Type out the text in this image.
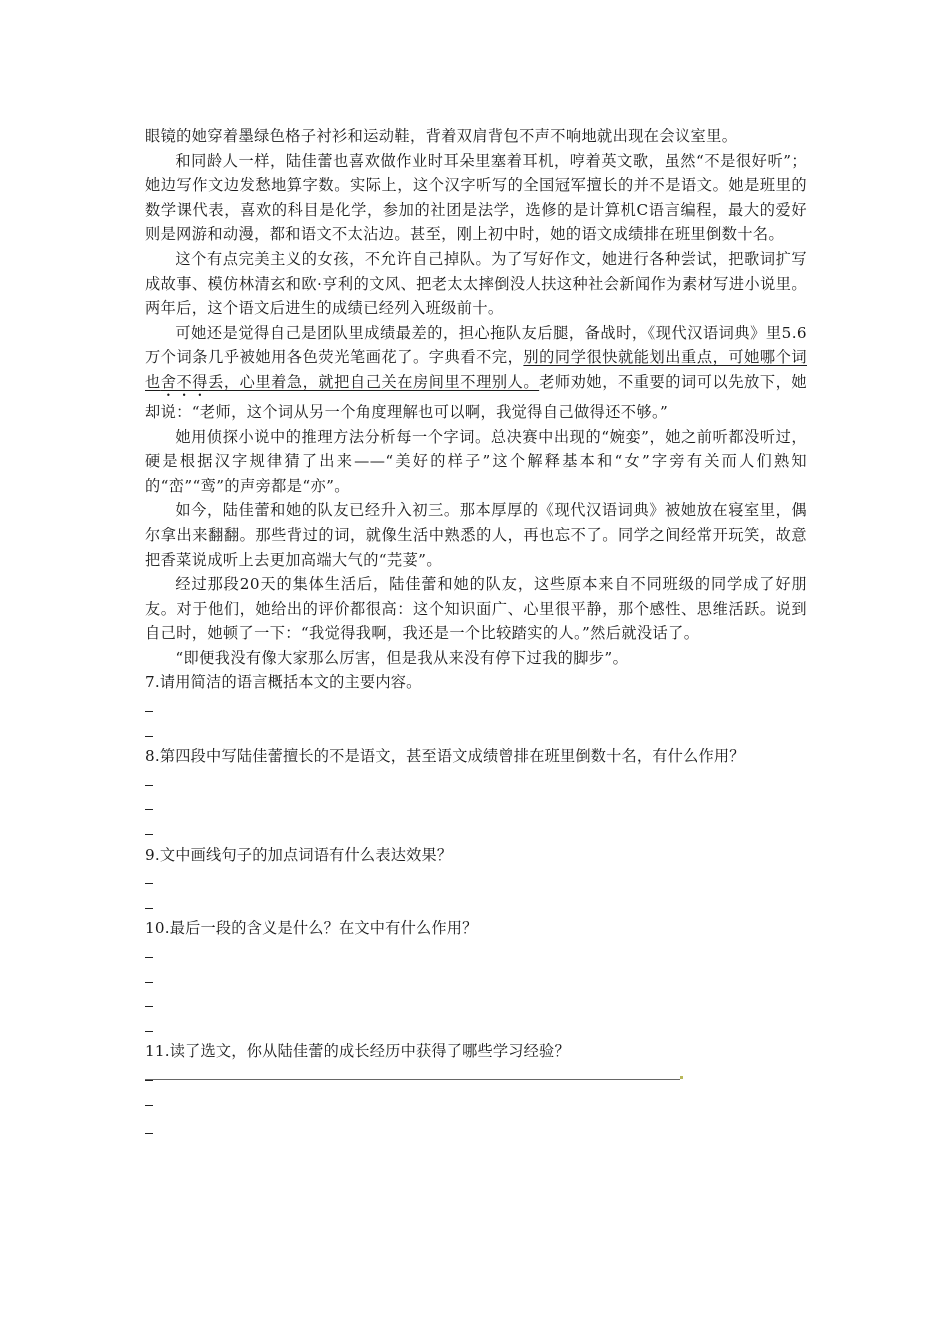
眼镜的她穿着墨绿色格子衬衫和运动鞋，背着双肩背包不声不响地就出现在会议室里。

和同龄人一样，陆佳蕾也喜欢做作业时耳朵里塞着耳机，哼着英文歌，虽然“不是很好听”；她边写作文边发愁地算字数。实际上，这个汉字听写的全国冠军擅长的并不是语文。她是班里的数学课代表，喜欢的科目是化学，参加的社团是法学，选修的是计算机C语言编程，最大的爱好则是网游和动漫，都和语文不太沾边。甚至，刚上初中时，她的语文成绩排在班里倒数十名。

这个有点完美主义的女孩，不允许自己掉队。为了写好作文，她进行各种尝试，把歌词扩写成故事、模仿林清玄和欧·亨利的文风、把老太太摔倒没人扶这种社会新闻作为素材写进小说里。两年后，这个语文后进生的成绩已经列入班级前十。

可她还是觉得自己是团队里成绩最差的，担心拖队友后腿，备战时，《现代汉语词典》里5.6万个词条几乎被她用各色荧光笔画花了。字典看不完，别的同学很快就能划出重点，可她哪个词也舍不得丢，心里着急，就把自己关在房间里不理别人。老师劝她，不重要的词可以先放下，她却说：“老师，这个词从另一个角度理解也可以啊，我觉得自己做得还不够。”

她用侦探小说中的推理方法分析每一个字词。总决赛中出现的“婉娈”，她之前听都没听过，硬是根据汉字规律猜了出来——“美好的样子”这个解释基本和“女”字旁有关而人们熟知的“峦”“鸾”的声旁都是“亦”。

如今，陆佳蕾和她的队友已经升入初三。那本厚厚的《现代汉语词典》被她放在寝室里，偶尔拿出来翻翻。那些背过的词，就像生活中熟悉的人，再也忘不了。同学之间经常开玩笑，故意把香菜说成听上去更加高端大气的“芫荽”。

经过那段20天的集体生活后，陆佳蕾和她的队友，这些原本来自不同班级的同学成了好朋友。对于他们，她给出的评价都很高：这个知识面广、心里很平静，那个感性、思维活跃。说到自己时，她顿了一下：“我觉得我啊，我还是一个比较踏实的人。”然后就没话了。

“即便我没有像大家那么厉害，但是我从来没有停下过我的脚步”。

7.请用简洁的语言概括本文的主要内容。

8.第四段中写陆佳蕾擅长的不是语文，甚至语文成绩曾排在班里倒数十名，有什么作用？

9.文中画线句子的加点词语有什么表达效果？

10.最后一段的含义是什么？在文中有什么作用？

11.读了选文，你从陆佳蕾的成长经历中获得了哪些学习经验？
